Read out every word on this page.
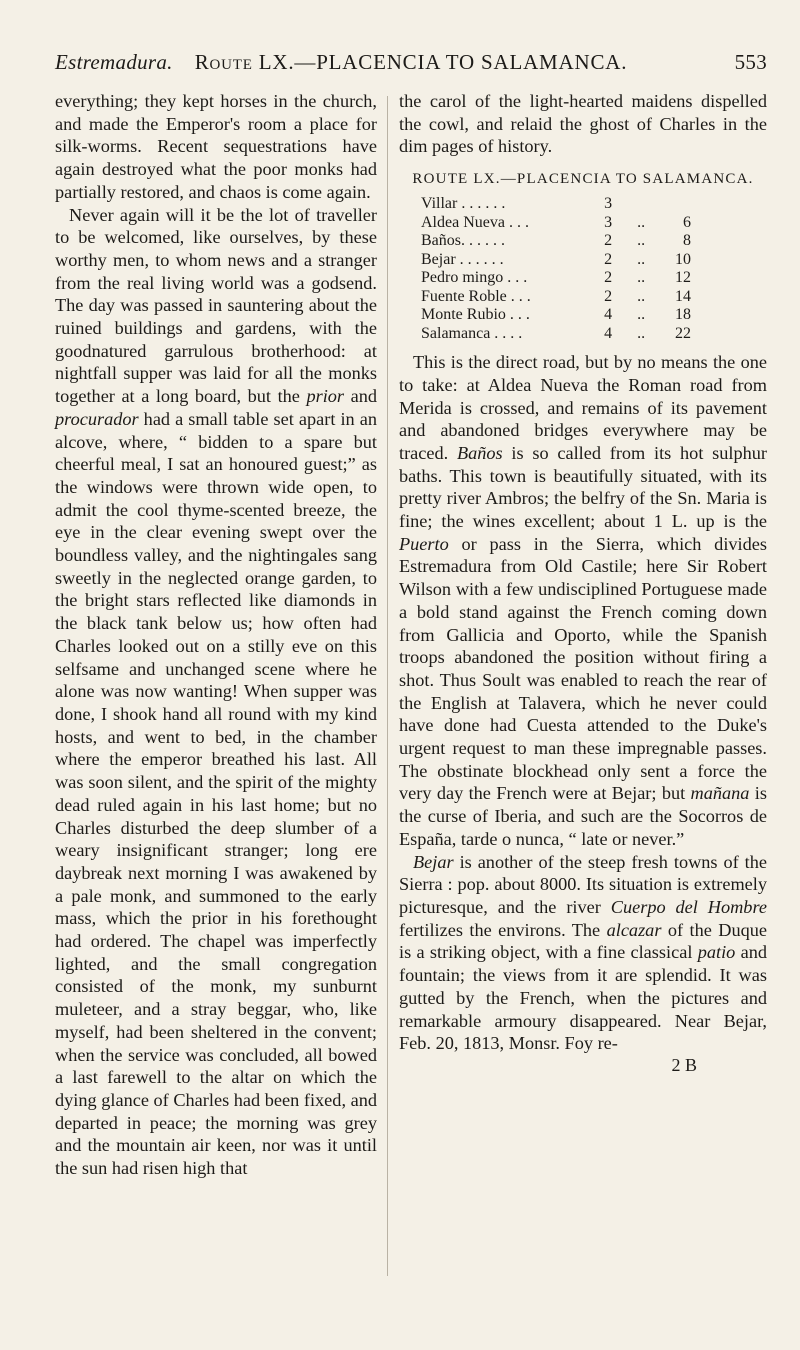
Estremadura.	Route LX.—PLACENCIA TO SALAMANCA.	553

everything; they kept horses in the church, and made the Emperor's room a place for silk-worms. Recent sequestrations have again destroyed what the poor monks had partially restored, and chaos is come again.

Never again will it be the lot of traveller to be welcomed, like ourselves, by these worthy men, to whom news and a stranger from the real living world was a godsend. The day was passed in sauntering about the ruined buildings and gardens, with the goodnatured garrulous brotherhood: at nightfall supper was laid for all the monks together at a long board, but the prior and procurador had a small table set apart in an alcove, where, “ bidden to a spare but cheerful meal, I sat an honoured guest;” as the windows were thrown wide open, to admit the cool thyme-scented breeze, the eye in the clear evening swept over the boundless valley, and the nightingales sang sweetly in the neglected orange garden, to the bright stars reflected like diamonds in the black tank below us; how often had Charles looked out on a stilly eve on this selfsame and unchanged scene where he alone was now wanting! When supper was done, I shook hand all round with my kind hosts, and went to bed, in the chamber where the emperor breathed his last. All was soon silent, and the spirit of the mighty dead ruled again in his last home; but no Charles disturbed the deep slumber of a weary insignificant stranger; long ere daybreak next morning I was awakened by a pale monk, and summoned to the early mass, which the prior in his forethought had ordered. The chapel was imperfectly lighted, and the small congregation consisted of the monk, my sunburnt muleteer, and a stray beggar, who, like myself, had been sheltered in the convent; when the service was concluded, all bowed a last farewell to the altar on which the dying glance of Charles had been fixed, and departed in peace; the morning was grey and the mountain air keen, nor was it until the sun had risen high that

the carol of the light-hearted maidens dispelled the cowl, and relaid the ghost of Charles in the dim pages of history.

ROUTE LX.—PLACENCIA TO SALAMANCA.
Villar . . . . . .	3		
Aldea Nueva . . .	3	..	6
Baños. . . . . .	2	..	8
Bejar . . . . . .	2	..	10
Pedro mingo . . .	2	..	12
Fuente Roble . . .	2	..	14
Monte Rubio . . .	4	..	18
Salamanca . . . .	4	..	22

This is the direct road, but by no means the one to take: at Aldea Nueva the Roman road from Merida is crossed, and remains of its pavement and abandoned bridges everywhere may be traced. Baños is so called from its hot sulphur baths. This town is beautifully situated, with its pretty river Ambros; the belfry of the Sn. Maria is fine; the wines excellent; about 1 L. up is the Puerto or pass in the Sierra, which divides Estremadura from Old Castile; here Sir Robert Wilson with a few undisciplined Portuguese made a bold stand against the French coming down from Gallicia and Oporto, while the Spanish troops abandoned the position without firing a shot. Thus Soult was enabled to reach the rear of the English at Talavera, which he never could have done had Cuesta attended to the Duke's urgent request to man these impregnable passes. The obstinate blockhead only sent a force the very day the French were at Bejar; but mañana is the curse of Iberia, and such are the Socorros de España, tarde o nunca, “ late or never.”

Bejar is another of the steep fresh towns of the Sierra : pop. about 8000. Its situation is extremely picturesque, and the river Cuerpo del Hombre fertilizes the environs. The alcazar of the Duque is a striking object, with a fine classical patio and fountain; the views from it are splendid. It was gutted by the French, when the pictures and remarkable armoury disappeared. Near Bejar, Feb. 20, 1813, Monsr. Foy re-

2 B
